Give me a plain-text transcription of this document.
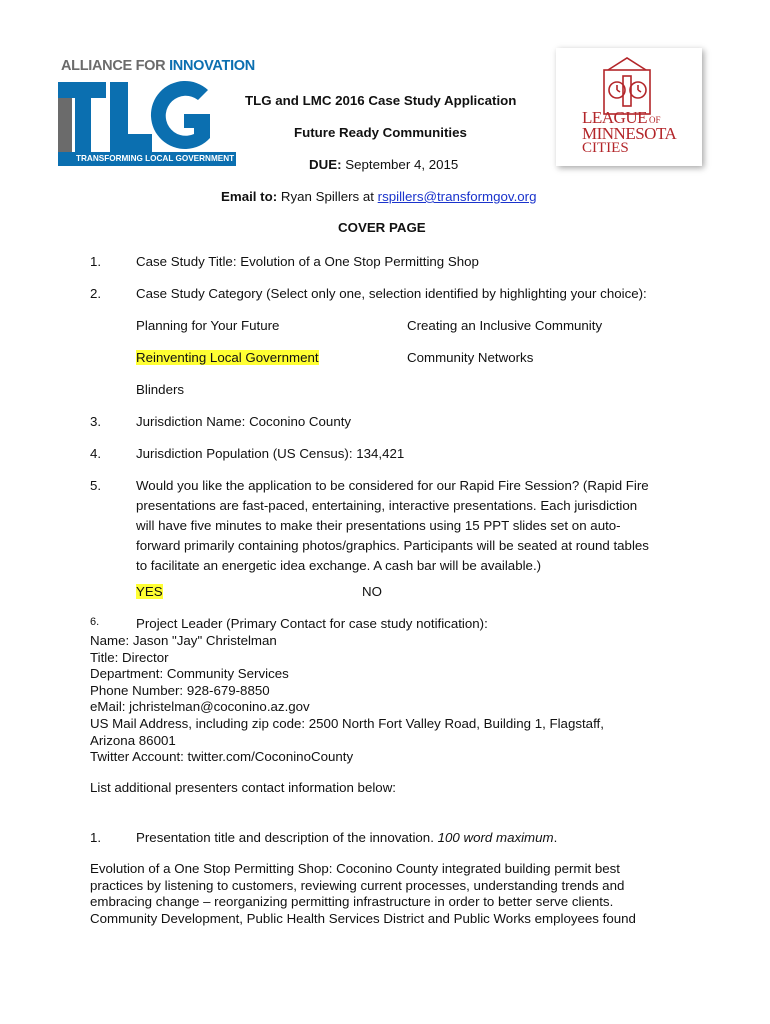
ALLIANCE FOR INNOVATION
TRANSFORMING LOCAL GOVERNMENT 2016
LEAGUE OF
MINNESOTA
CITIES
TLG and LMC 2016 Case Study Application
Future Ready Communities
DUE: September 4, 2015
Email to: Ryan Spillers at rspillers@transformgov.org
COVER PAGE
1.	Case Study Title: Evolution of a One Stop Permitting Shop
2.	Case Study Category (Select only one, selection identified by highlighting your choice):
Planning for Your Future	Creating an Inclusive Community
Reinventing Local Government	Community Networks
Blinders
3.	Jurisdiction Name: Coconino County
4.	Jurisdiction Population (US Census): 134,421
5.	Would you like the application to be considered for our Rapid Fire Session? (Rapid Fire
presentations are fast-paced, entertaining, interactive presentations. Each jurisdiction
will have five minutes to make their presentations using 15 PPT slides set on auto-
forward primarily containing photos/graphics. Participants will be seated at round tables
to facilitate an energetic idea exchange. A cash bar will be available.)
YES	NO
6.	Project Leader (Primary Contact for case study notification):
Name: Jason "Jay" Christelman
Title: Director
Department: Community Services
Phone Number: 928-679-8850
eMail: jchristelman@coconino.az.gov
US Mail Address, including zip code: 2500 North Fort Valley Road, Building 1, Flagstaff,
Arizona 86001
Twitter Account: twitter.com/CoconinoCounty
List additional presenters contact information below:
1.	Presentation title and description of the innovation. 100 word maximum.
Evolution of a One Stop Permitting Shop: Coconino County integrated building permit best
practices by listening to customers, reviewing current processes, understanding trends and
embracing change – reorganizing permitting infrastructure in order to better serve clients.
Community Development, Public Health Services District and Public Works employees found
